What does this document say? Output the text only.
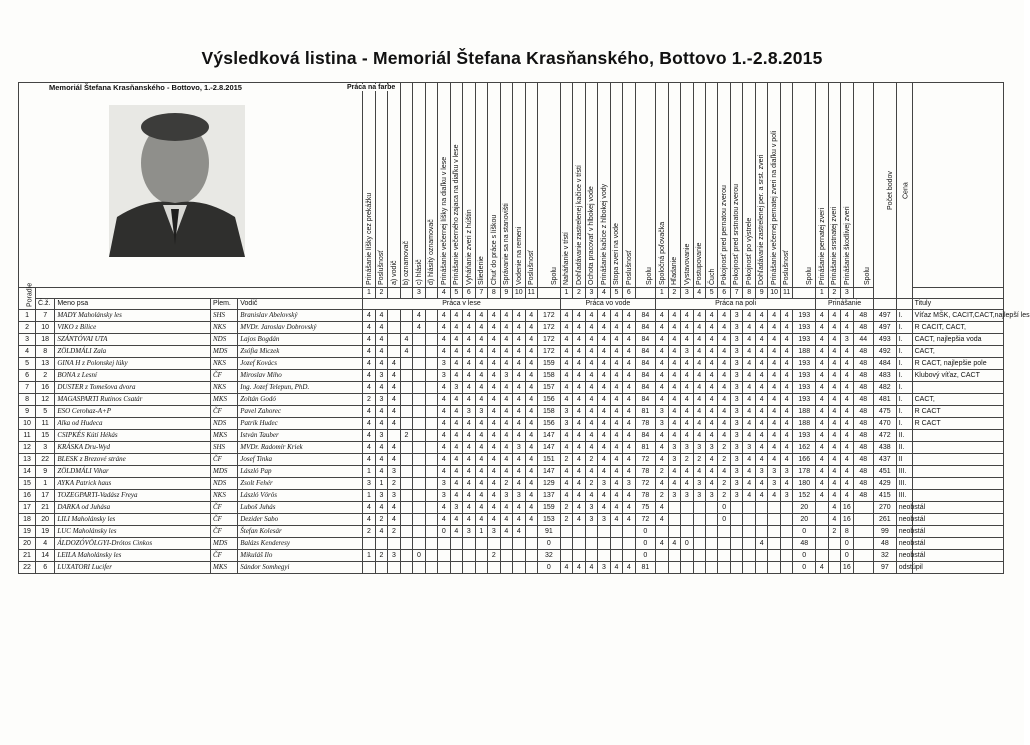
Výsledková listina - Memoriál Štefana Krasňanského, Bottovo 1.-2.8.2015
Memoriál Štefana Krasňanského - Bottovo, 1.-2.8.2015					Prinášanie líšky cez prekážku	Poslušnosť	a) vodič	b) oznamovač	c) hlásič	d) hlásitý oznamovač	Prinášanie večernej líšky na diaľku v lese	Prinášanie večerného zajaca na diaľku v lese	Vyháňanie zveri z húštin	Sliedenie	Chuť do práce s líškou	Správanie sa na stanovišti	Vodenie na remeni	Poslušnosť	Spolu	Naháňanie v tŕstí	Dohľadávanie zastrelenej kačice v tŕstí	Ochota pracovať v hlbokej vode	Prinášanie kačice z hlbokej vody	Stopa zveri na vode	Poslušnosť	Spolu	Spoločná poľovačka	Hľadanie	Vystavovanie	Postupovanie	Čuch	Pokojnosť pred pernatou zverou	Pokojnosť pred srstnatou zverou	Pokojnosť po výstrele	Dohľadávanie zastrelenej per. a srst. zveri	Prinášanie večernej pernatej zveri na diaľku v poli	Poslušnosť	Spolu	Prinášanie pernatej zveri	Prinášanie srstnatej zveri	Prinášanie škodlivej zveri	Spolu	Počet bodov	Cena	
Poradie					1	2			3		4	5	6	7	8	9	10	11		1	2	3	4	5	6		1	2	3	4	5	6	7	8	9	10	11		1	2	3				
	Č.ž.	Meno psa	Plem.	Vodič	Práca v lese															Práca vo vode							Práca na poli												Prinášanie						Tituly
1	7	MADY Maholánsky les	SHS	Branislav Abelovský	4	4			4		4	4	4	4	4	4	4	4	172	4	4	4	4	4	4	84	4	4	4	4	4	4	3	4	4	4	4	193	4	4	4	48	497	I.	Víťaz MŠK, CACIT,CACT,najlepší les
2	10	VIKO z Bílice	NKS	MVDr. Jaroslav Dobrovský	4	4			4		4	4	4	4	4	4	4	4	172	4	4	4	4	4	4	84	4	4	4	4	4	4	3	4	4	4	4	193	4	4	4	48	497	I.	R CACIT, CACT,
3	18	SZÁNTÓVAI UTA	NDS	Lajos Bogdán	4	4		4			4	4	4	4	4	4	4	4	172	4	4	4	4	4	4	84	4	4	4	4	4	4	3	4	4	4	4	193	4	4	3	44	493	I.	CACT, najlepšia voda
4	8	ZÖLDMÁLI Zala	MDS	Zsófia Miczek	4	4		4			4	4	4	4	4	4	4	4	172	4	4	4	4	4	4	84	4	4	3	4	4	4	3	4	4	4	4	188	4	4	4	48	492	I.	CACT,
5	13	GINA H z Polonskej lúky	NKS	Jozef Kovács	4	4	4				3	4	4	4	4	4	4	4	159	4	4	4	4	4	4	84	4	4	4	4	4	4	3	4	4	4	4	193	4	4	4	48	484	I.	R CACT, najlepšie pole
6	2	BONA z Lesní	ČF	Miroslav Miho	4	3	4				3	4	4	4	4	3	4	4	158	4	4	4	4	4	4	84	4	4	4	4	4	4	3	4	4	4	4	193	4	4	4	48	483	I.	Klubový víťaz, CACT
7	16	DUSTER z Tomešova dvora	NKS	Ing. Jozef Telepun, PhD.	4	4	4				4	3	4	4	4	4	4	4	157	4	4	4	4	4	4	84	4	4	4	4	4	4	3	4	4	4	4	193	4	4	4	48	482	I.	
8	12	MAGASPARTI Rutinos Csatár	MKS	Zoltán Godó	2	3	4				4	4	4	4	4	4	4	4	156	4	4	4	4	4	4	84	4	4	4	4	4	4	3	4	4	4	4	193	4	4	4	48	481	I.	CACT,
9	5	ESO Cerohaz-A+P	ČF	Pavel Zahorec	4	4	4				4	4	3	3	4	4	4	4	158	3	4	4	4	4	4	81	3	4	4	4	4	4	3	4	4	4	4	188	4	4	4	48	475	I.	R CACT
10	11	Alka od Hudeca	NDS	Patrik Hudec	4	4	4				4	4	4	4	4	4	4	4	156	3	4	4	4	4	4	78	3	4	4	4	4	4	3	4	4	4	4	188	4	4	4	48	470	I.	R CACT
11	15	CSIPKÉS Kútí Hékás	MKS	István Tauber	4	3		2			4	4	4	4	4	4	4	4	147	4	4	4	4	4	4	84	4	4	4	4	4	4	3	4	4	4	4	193	4	4	4	48	472	II.	
12	3	KRÁSKA Dru-Wyd	SHS	MVDr. Radomír Kriek	4	4	4				4	4	4	4	4	4	3	4	147	4	4	4	4	4	4	81	4	3	3	3	3	2	3	3	4	4	4	162	4	4	4	48	438	II.	
13	22	BLESK z Brezové stráne	ČF	Josef Tinka	4	4	4				4	4	4	4	4	4	4	4	151	2	4	2	4	4	4	72	4	3	2	2	4	2	3	4	4	4	4	166	4	4	4	48	437	II	
14	9	ZÖLDMÁLI Vihar	MDS	László Pap	1	4	3				4	4	4	4	4	4	4	4	147	4	4	4	4	4	4	78	2	4	4	4	4	4	3	4	3	3	3	178	4	4	4	48	451	III.	
15	1	AYKA Patrick haus	NDS	Zsolt Fehér	3	1	2				3	4	4	4	4	2	4	4	129	4	4	2	3	4	3	72	4	4	4	3	4	2	3	4	4	3	4	180	4	4	4	48	429	III.	
16	17	TOZEGPARTI-Vadász Freya	NKS	László Vörös	1	3	3				3	4	4	4	4	3	3	4	137	4	4	4	4	4	4	78	2	3	3	3	3	2	3	4	4	4	3	152	4	4	4	48	415	III.	
17	21	DARKA od Juhása	ČF	Luboš Juhás	4	4	4				4	3	4	4	4	4	4	4	159	2	4	3	4	4	4	75	4					0						20		4	16		270	neobstál	
18	20	LILI Maholánsky les	ČF	Dezider Sabo	4	2	4				4	4	4	4	4	4	4	4	153	2	4	3	3	4	4	72	4					0						20		4	16		261	neobstál	
19	19	LUC Maholánsky les	ČF	Štefan Kolesár	2	4	2				0	4	3	1	3	4	4		91							0												0		2	8		99	neobstál	
20	4	ÁLDOZÓVÖLGYI-Drótos Cinkos	MDS	Balázs Kenderesy															0							0	4	4	0						4			48			0		48	neobstál	
21	14	LEILA Maholánsky les	ČF	Mikuláš Ilo	1	2	3		0						2				32							0												0			0		32	neobstál	
22	6	LUXATORI Lucifer	MKS	Sándor Somhegyi															0	4	4	4	3	4	4	81												0	4		16		97	odstúpil	
Práca na farbe
